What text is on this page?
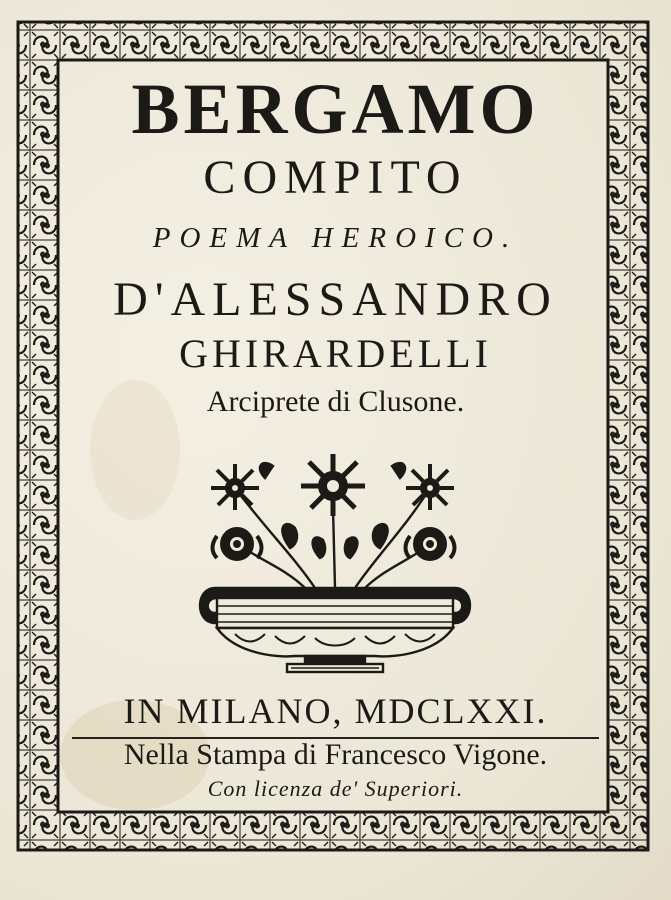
BERGAMO
COMPITO
POEMA HEROICO.
D'ALESSANDRO
GHIRARDELLI
Arciprete di Clusone.
IN MILANO, MDCLXXI.
Nella Stampa di Francesco Vigone.
Con licenza de' Superiori.
